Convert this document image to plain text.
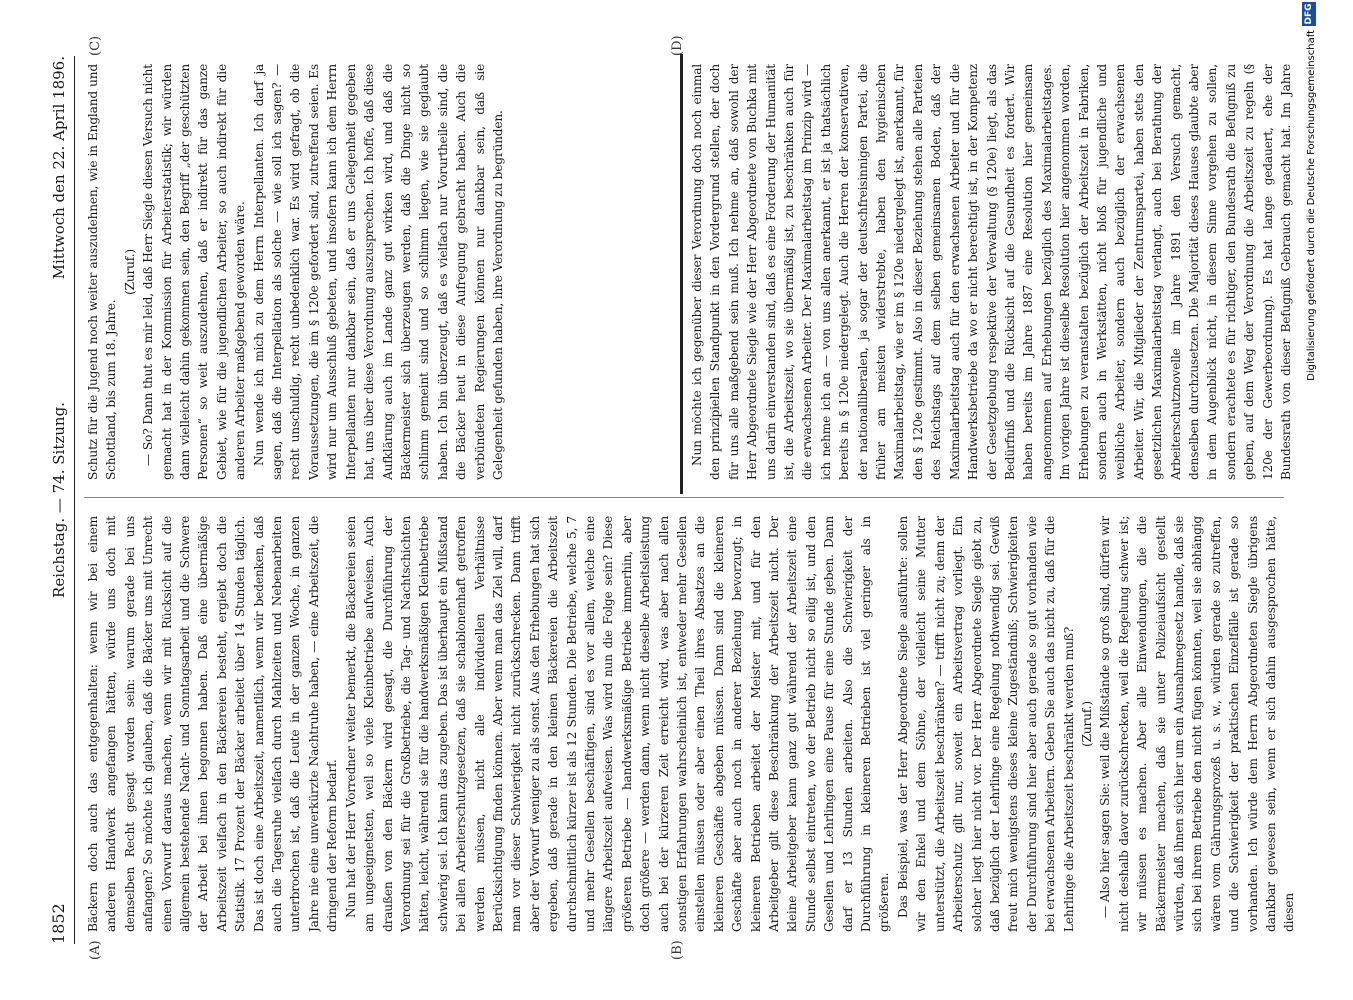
1852
Reichstag. — 74. Sitzung.
Mittwoch den 22. April 1896.
(A)	(B)
(C)	(D)

Bäckern doch auch das entgegenhalten: wenn wir bei einem anderen Handwerk angefangen hätten, würde uns doch mit demselben Recht gesagt worden sein: warum gerade bei uns anfangen? So möchte ich glauben, daß die Bäcker uns mit Unrecht einen Vorwurf daraus machen, wenn wir mit Rücksicht auf die allgemein bestehende Nacht- und Sonntagsarbeit und die Schwere der Arbeit bei ihnen begonnen haben. Daß eine übermäßige Arbeitszeit vielfach in den Bäckereien besteht, ergiebt doch die Statistik. 17 Prozent der Bäcker arbeitet über 14 Stunden täglich. Das ist doch eine Arbeitszeit, namentlich, wenn wir bedenken, daß auch die Tagesruhe vielfach durch Mahlzeiten und Nebenarbeiten unterbrochen ist, daß die Leute in der ganzen Woche, in ganzen Jahre nie eine unverkürzte Nachtruhe haben, — eine Arbeitszeit, die dringend der Reform bedarf. Nun hat der Herr Vorredner weiter bemerkt, die Bäckereien seien am ungeeignetsten, weil so viele Kleinbetriebe aufweisen. Auch draußen von den Bäckern wird gesagt, die Durchführung der Verordnung sei für die Großbetriebe, die Tag- und Nachtschichten hätten, leicht, während sie für die handwerksmäßigen Kleinbetriebe schwierig sei. Ich kann das zugeben. Das ist überhaupt ein Mißstand bei allen Arbeiterschutzgesetzen, daß sie schablonenhaft getroffen werden müssen, nicht alle individuellen Verhältnisse Berücksichtigung finden können. Aber wenn man das Ziel will, darf man vor dieser Schwierigkeit nicht zurückschrecken. Dann trifft aber der Vorwurf weniger zu als sonst. Aus den Erhebungen hat sich ergeben, daß gerade in den kleinen Bäckereien die Arbeitszeit durchschnittlich kürzer ist als 12 Stunden. Die Betriebe, welche 5, 7 und mehr Gesellen beschäftigen, sind es vor allem, welche eine längere Arbeitszeit aufweisen. Was wird nun die Folge sein? Diese größeren Betriebe — handwerksmäßige Betriebe immerhin, aber doch größere — werden dann, wenn nicht dieselbe Arbeitsleistung auch bei der kürzeren Zeit erreicht wird, was aber nach allen sonstigen Erfahrungen wahrscheinlich ist, entweder mehr Gesellen einstellen müssen oder aber einen Theil ihres Absatzes an die kleineren Geschäfte abgeben müssen. Dann sind die kleineren Geschäfte aber auch noch in anderer Beziehung bevorzugt; in kleineren Betrieben arbeitet der Meister mit, und für den Arbeitgeber gilt diese Beschränkung der Arbeitszeit nicht. Der kleine Arbeitgeber kann ganz gut während der Arbeitszeit eine Stunde selbst eintreten, wo der Betrieb nicht so eilig ist, und den Gesellen und Lehrlingen eine Pause für eine Stunde geben. Dann darf er 13 Stunden arbeiten. Also die Schwierigkeit der Durchführung in kleineren Betrieben ist viel geringer als in größeren. Das Beispiel, was der Herr Abgeordnete Siegle ausführte: sollen wir den Enkel und dem Söhne, der vielleicht seine Mutter unterstützt, die Arbeitszeit beschränken? — trifft nicht zu; denn der Arbeiterschutz gilt nur, soweit ein Arbeitsvertrag vorliegt. Ein solcher liegt hier nicht vor. Der Herr Abgeordnete Siegle giebt zu, daß bezüglich der Lehrlinge eine Regelung nothwendig sei. Gewiß freut mich wenigstens dieses kleine Zugeständniß; Schwierigkeiten der Durchführung sind hier aber auch gerade so gut vorhanden wie bei erwachsenen Arbeitern. Geben Sie auch das nicht zu, daß für die Lehrlinge die Arbeitszeit beschränkt werden muß? (Zuruf.) — Also hier sagen Sie: weil die Mißstände so groß sind, dürfen wir nicht deshalb davor zurückschrecken, weil die Regelung schwer ist; wir müssen es machen. Aber alle Einwendungen, die die Bäckermeister machen, daß sie unter Polizeiaufsicht gestellt würden, daß ihnen sich hier um ein Ausnahmegesetz handle, daß sie sich bei ihrem Betriebe den nicht fügen könnten, weil sie abhängig wären vom Gährungsprozeß u. s. w., würden gerade so zutreffen, und die Schwierigkeit der praktischen Einzelfälle ist gerade so vorhanden. Ich würde dem Herrn Abgeordneten Siegle übrigens dankbar gewesen sein, wenn er sich dahin ausgesprochen hätte, diesen

Schutz für die Jugend noch weiter auszudehnen, wie in England und Schottland, bis zum 18. Jahre.

(Zuruf.) — So? Dann thut es mir leid, daß Herr Siegle diesen Versuch nicht gemacht hat in der Kommission für Arbeiterstatistik; wir würden dann vielleicht dahin gekommen sein, den Begriff „der geschützten Personen“ so weit auszudehnen, daß er indirekt für das ganze Gebiet, wie für die jugendlichen Arbeiter, so auch indirekt für die anderen Arbeiter maßgebend geworden wäre. Nun wende ich mich zu dem Herrn Interpellanten. Ich darf ja sagen, daß die Interpellation als solche — wie soll ich sagen? — recht unschuldig, recht unbedenklich war. Es wird gefragt, ob die Voraussetzungen, die im § 120e gefordert sind, zutreffend seien. Es wird nur um Ausschluß gebeten, und insofern kann ich dem Herrn Interpellanten nur dankbar sein, daß er uns Gelegenheit gegeben hat, uns über diese Verordnung auszusprechen. Ich hoffe, daß diese Aufklärung auch im Lande ganz gut wirken wird, und daß die Bäckermeister sich überzeugen werden, daß die Dinge nicht so schlimm gemeint sind und so schlimm liegen, wie sie geglaubt haben. Ich bin überzeugt, daß es vielfach nur Vorurtheile sind, die die Bäcker heut in diese Aufregung gebracht haben. Auch die verbündeten Regierungen können nur dankbar sein, daß sie Gelegenheit gefunden haben, ihre Verordnung zu begründen.	Nun möchte ich gegenüber dieser Verordnung doch noch einmal den prinzipiellen Standpunkt in den Vordergrund stellen, der doch für uns alle maßgebend sein muß. Ich nehme an, daß sowohl der Herr Abgeordnete Siegle wie der Herr Abgeordnete von Buchka mit uns darin einverstanden sind, daß es eine Forderung der Humanität ist, die Arbeitszeit, wo sie übermäßig ist, zu beschränken auch für die erwachsenen Arbeiter. Der Maximalarbeitstag im Prinzip wird — ich nehme ich an — von uns allen anerkannt, er ist ja thatsächlich bereits in § 120e niedergelegt. Auch die Herren der konservativen, der nationalliberalen, ja sogar der deutschfreisinnigen Partei, die früher am meisten widerstrebte, haben den hygienischen Maximalarbeitstag, wie er im § 120e niedergelegt ist, anerkannt, für den § 120e gestimmt. Also in dieser Beziehung stehen alle Parteien des Reichstags auf dem selben gemeinsamen Boden, daß der Maximalarbeitstag auch für den erwachsenen Arbeiter und für die Handwerksbetriebe da wo er nicht berechtigt ist, in der Kompetenz der Gesetzgebung respektive der Verwaltung (§ 120e) liegt, als das Bedürfniß und die Rücksicht auf die Gesundheit es fordert. Wir haben bereits im Jahre 1887 eine Resolution hier gemeinsam angenommen auf Erhebungen bezüglich des Maximalarbeitstages. Im vorigen Jahre ist dieselbe Resolution hier angenommen worden, Erhebungen zu veranstalten bezüglich der Arbeitszeit in Fabriken, sondern auch in Werkstätten, nicht bloß für jugendliche und weibliche Arbeiter, sondern auch bezüglich der erwachsenen Arbeiter. Wir, die Mitglieder der Zentrumspartei, haben stets den gesetzlichen Maximalarbeitstag verlangt, auch bei Berathung der Arbeiterschutznovelle im Jahre 1891 den Versuch gemacht, denselben durchzusetzen. Die Majorität dieses Hauses glaubte aber in dem Augenblick nicht, in diesem Sinne vorgehen zu sollen, sondern erachtete es für richtiger, den Bundesrath die Befugniß zu geben, auf dem Weg der Verordnung die Arbeitszeit zu regeln (§ 120e der Gewerbeordnung). Es hat lange gedauert, ehe der Bundesrath von dieser Befugniß Gebrauch gemacht hat. Im Jahre	Digitalisierung gefördert durch die Deutsche Forschungsgemeinschaft
DFG
